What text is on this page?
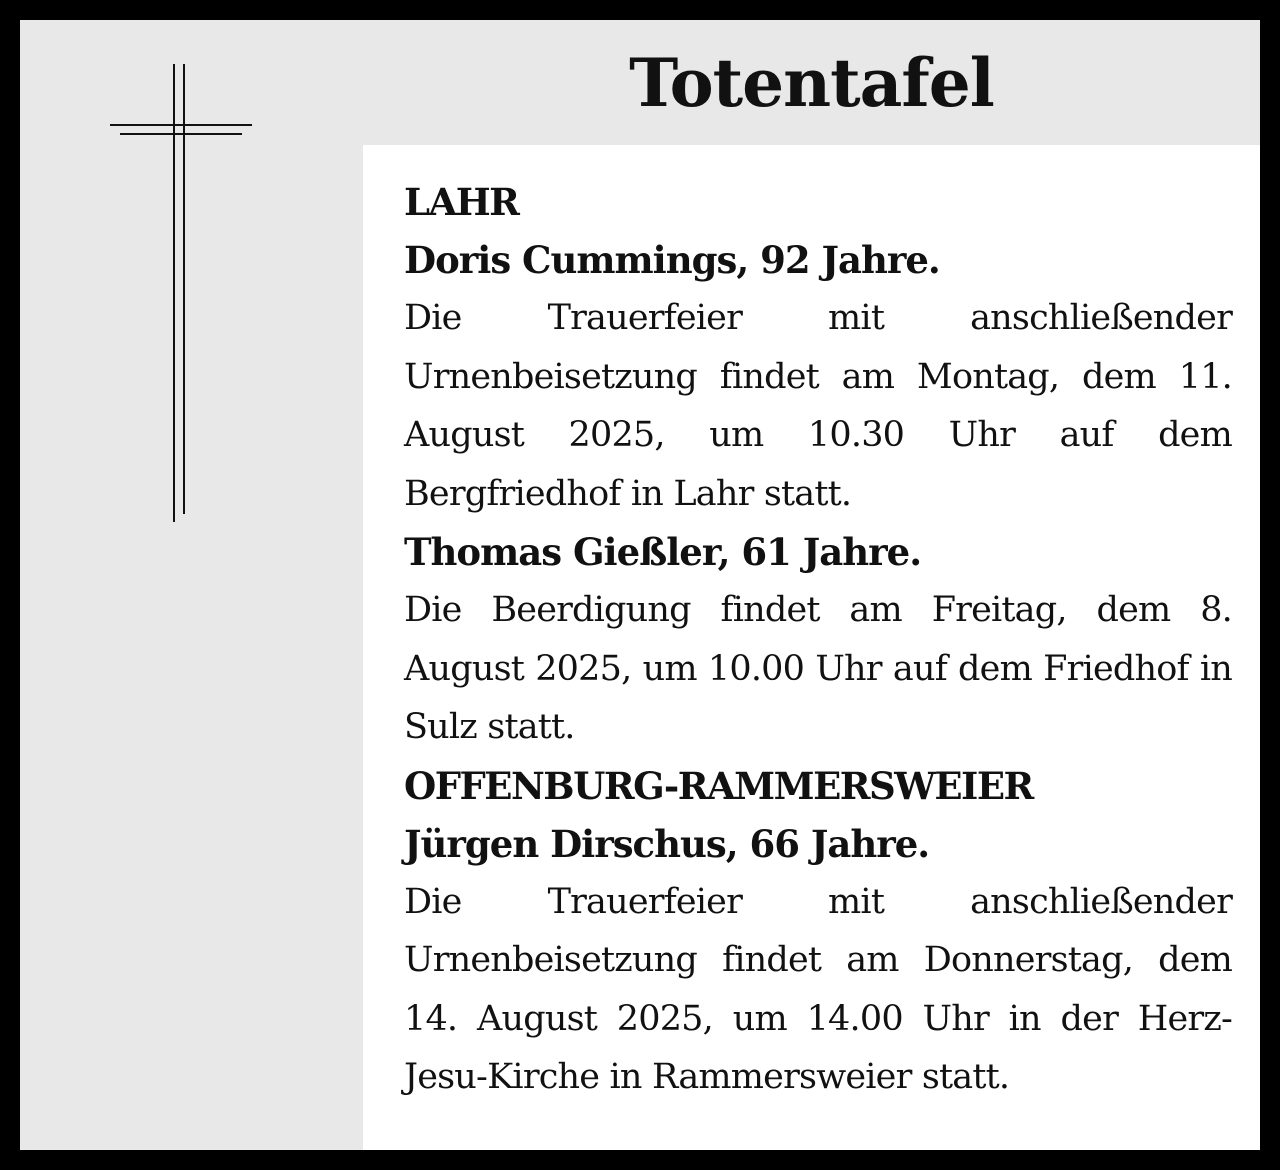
Totentafel
LAHR
Doris Cummings, 92 Jahre.

Die Trauerfeier mit anschließender Urnenbeisetzung findet am Montag, dem 11. August 2025, um 10.30 Uhr auf dem Bergfriedhof in Lahr statt.

Thomas Gießler, 61 Jahre.

Die Beerdigung findet am Freitag, dem 8. August 2025, um 10.00 Uhr auf dem Friedhof in Sulz statt.

OFFENBURG-RAMMERSWEIER
Jürgen Dirschus, 66 Jahre.

Die Trauerfeier mit anschließender Urnenbeisetzung findet am Donnerstag, dem 14. August 2025, um 14.00 Uhr in der Herz-Jesu-Kirche in Rammersweier statt.
